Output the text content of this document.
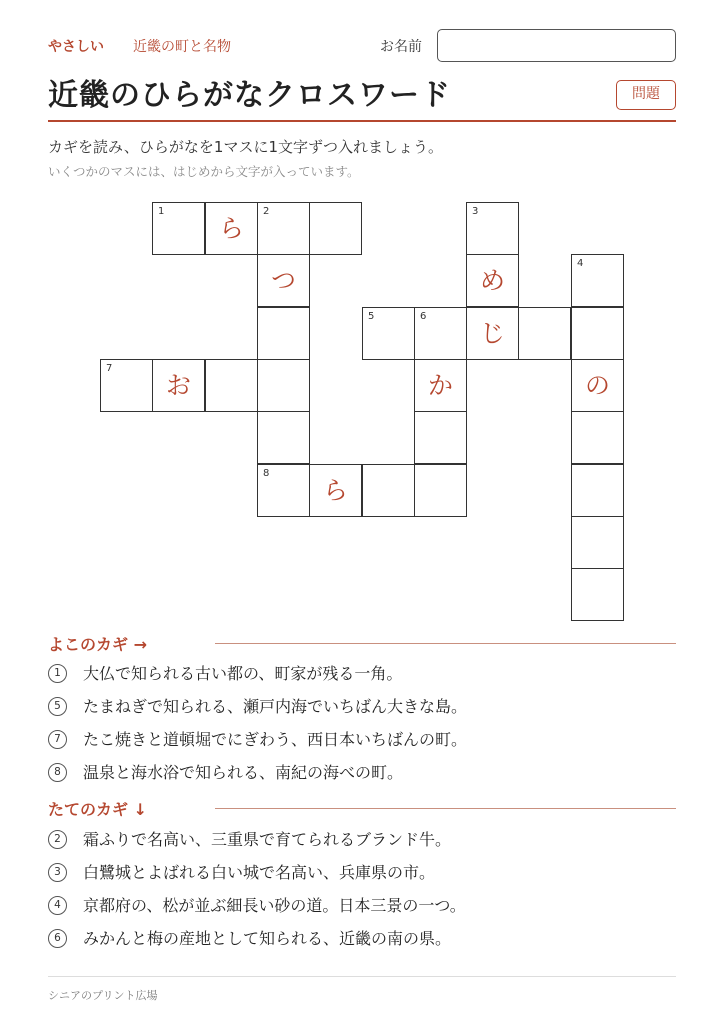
やさしい 近畿の町と名物	お名前
近畿のひらがなクロスワード	問題

カギを読み、ひらがなを1マスに1文字ずつ入れましょう。

いくつかのマスには、はじめから文字が入っています。

1
ら
2	3
つ	め
4
5	6
じ
7
お	か	の
8
ら
よこのカギ →
1	大仏で知られる古い都の、町家が残る一角。
5	たまねぎで知られる、瀬戸内海でいちばん大きな島。
7	たこ焼きと道頓堀でにぎわう、西日本いちばんの町。
8	温泉と海水浴で知られる、南紀の海べの町。
たてのカギ ↓
2	霜ふりで名高い、三重県で育てられるブランド牛。
3	白鷺城とよばれる白い城で名高い、兵庫県の市。
4	京都府の、松が並ぶ細長い砂の道。日本三景の一つ。
6	みかんと梅の産地として知られる、近畿の南の県。
シニアのプリント広場
